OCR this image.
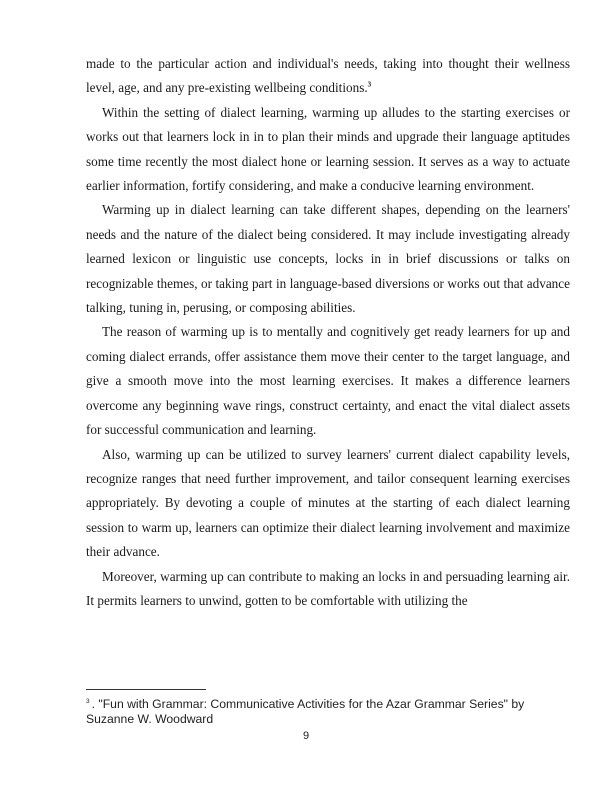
made to the particular action and individual's needs, taking into thought their wellness level, age, and any pre-existing wellbeing conditions.$^3$

Within the setting of dialect learning, warming up alludes to the starting exercises or works out that learners lock in in to plan their minds and upgrade their language aptitudes some time recently the most dialect hone or learning session. It serves as a way to actuate earlier information, fortify considering, and make a conducive learning environment.

Warming up in dialect learning can take different shapes, depending on the learners' needs and the nature of the dialect being considered. It may include investigating already learned lexicon or linguistic use concepts, locks in in brief discussions or talks on recognizable themes, or taking part in language-based diversions or works out that advance talking, tuning in, perusing, or composing abilities.

The reason of warming up is to mentally and cognitively get ready learners for up and coming dialect errands, offer assistance them move their center to the target language, and give a smooth move into the most learning exercises. It makes a difference learners overcome any beginning wave rings, construct certainty, and enact the vital dialect assets for successful communication and learning.

Also, warming up can be utilized to survey learners' current dialect capability levels, recognize ranges that need further improvement, and tailor consequent learning exercises appropriately. By devoting a couple of minutes at the starting of each dialect learning session to warm up, learners can optimize their dialect learning involvement and maximize their advance.

Moreover, warming up can contribute to making an locks in and persuading learning air. It permits learners to unwind, gotten to be comfortable with utilizing the

$^3$ . "Fun with Grammar: Communicative Activities for the Azar Grammar Series" by Suzanne W. Woodward
9
